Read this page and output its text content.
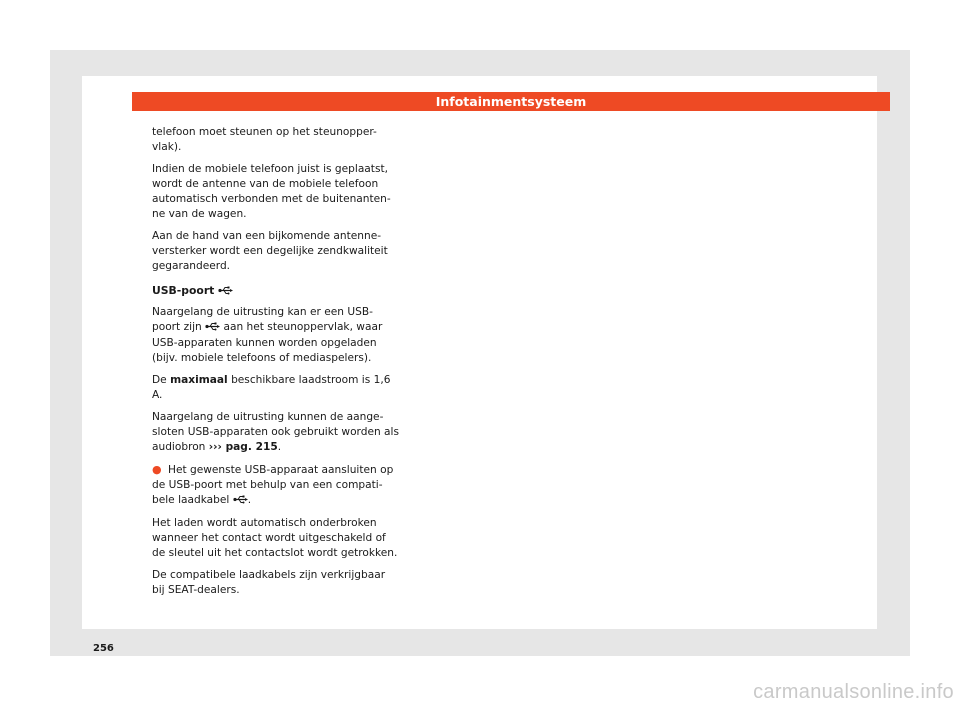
Infotainmentsysteem

telefoon moet steunen op het steunopper-vlak).

Indien de mobiele telefoon juist is geplaatst, wordt de antenne van de mobiele telefoon automatisch verbonden met de buitenanten-ne van de wagen.

Aan de hand van een bijkomende antenne-versterker wordt een degelijke zendkwaliteit gegarandeerd.

USB-poort

Naargelang de uitrusting kan er een USB-poort zijn aan het steunoppervlak, waar USB-apparaten kunnen worden opgeladen (bijv. mobiele telefoons of mediaspelers).

De maximaal beschikbare laadstroom is 1,6 A.

Naargelang de uitrusting kunnen de aange-sloten USB-apparaten ook gebruikt worden als audiobron ››› pag. 215.

● Het gewenste USB-apparaat aansluiten op de USB-poort met behulp van een compati-bele laadkabel .

Het laden wordt automatisch onderbroken wanneer het contact wordt uitgeschakeld of de sleutel uit het contactslot wordt getrokken.

De compatibele laadkabels zijn verkrijgbaar bij SEAT-dealers.

256
carmanualsonline.info
